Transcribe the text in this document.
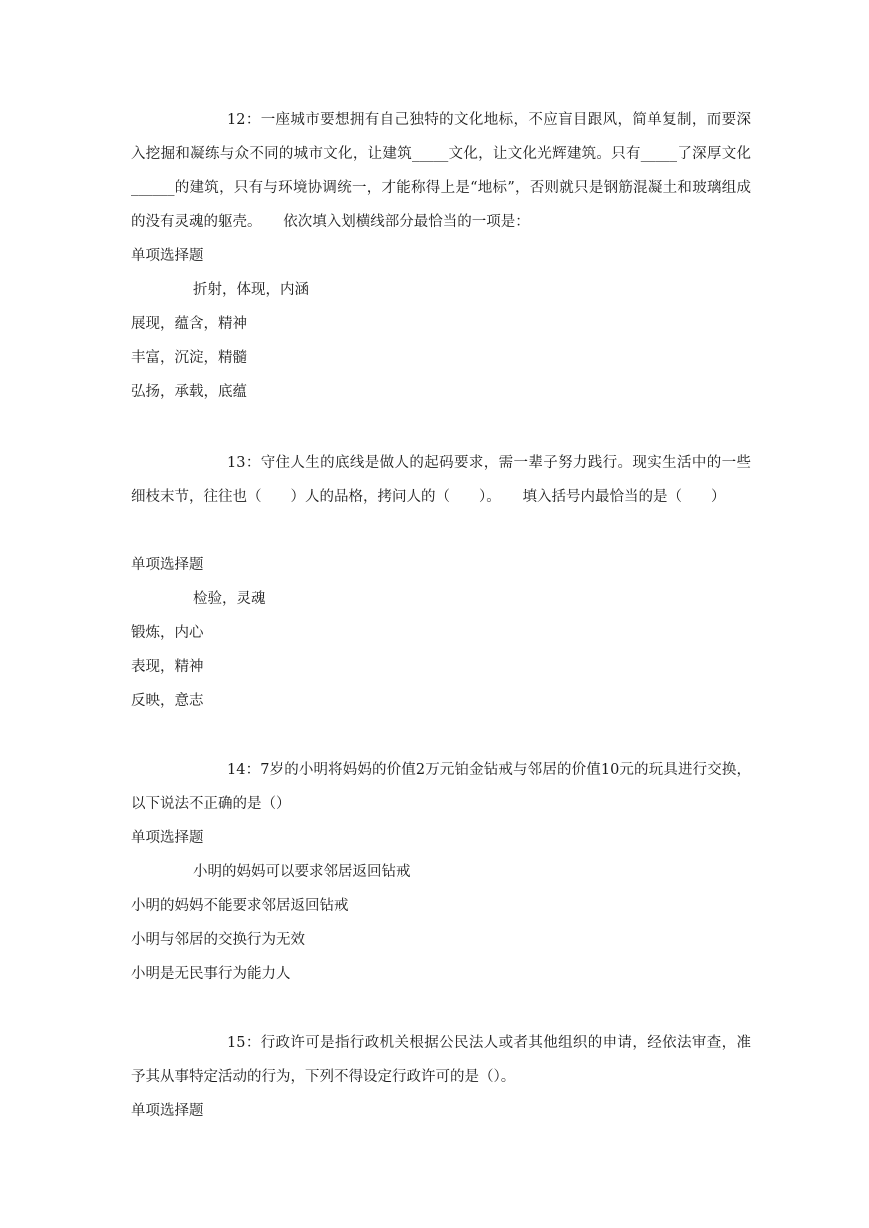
12：一座城市要想拥有自己独特的文化地标，不应盲目跟风，简单复制，而要深入挖掘和凝练与众不同的城市文化，让建筑_____文化，让文化光辉建筑。只有_____了深厚文化______的建筑，只有与环境协调统一，才能称得上是“地标”，否则就只是钢筋混凝土和玻璃组成的没有灵魂的躯壳。　　依次填入划横线部分最恰当的一项是：

单项选择题

折射，体现，内涵

展现，蕴含，精神

丰富，沉淀，精髓

弘扬，承载，底蕴

13：守住人生的底线是做人的起码要求，需一辈子努力践行。现实生活中的一些细枝末节，往往也（　　）人的品格，拷问人的（　　）。　　填入括号内最恰当的是（　　）

单项选择题

检验，灵魂

锻炼，内心

表现，精神

反映，意志

14：7岁的小明将妈妈的价值2万元铂金钻戒与邻居的价值10元的玩具进行交换，以下说法不正确的是（）

单项选择题

小明的妈妈可以要求邻居返回钻戒

小明的妈妈不能要求邻居返回钻戒

小明与邻居的交换行为无效

小明是无民事行为能力人

15：行政许可是指行政机关根据公民法人或者其他组织的申请，经依法审查，准予其从事特定活动的行为，下列不得设定行政许可的是（）。

单项选择题
